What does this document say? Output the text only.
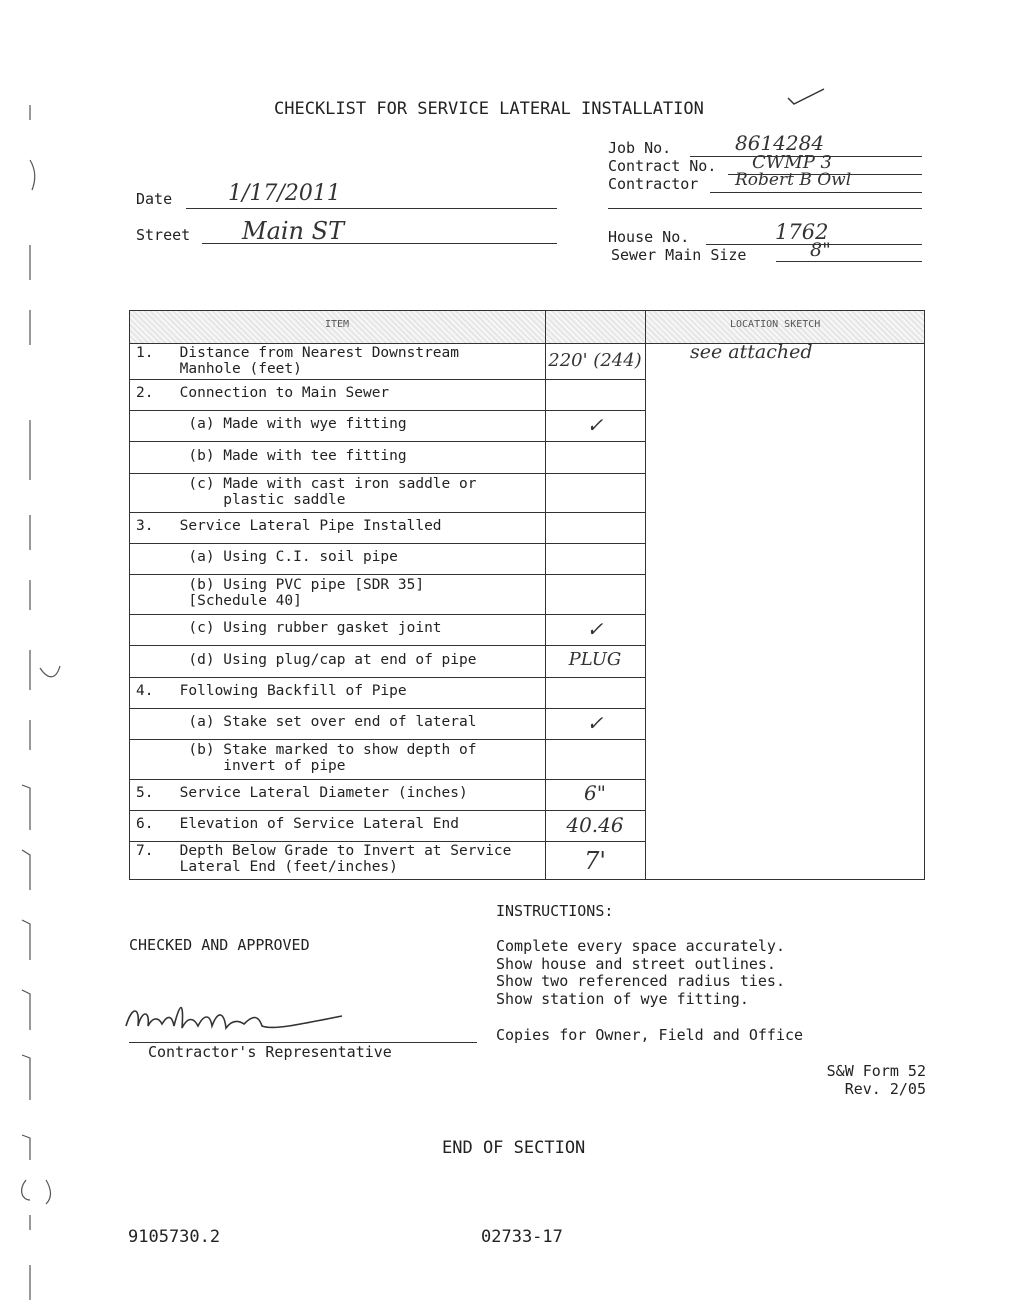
CHECKLIST FOR SERVICE LATERAL INSTALLATION
Job No.	8614284
Contract No. CWMP 3
Contractor Robert B Owl
Date	1/17/2011
Street Main ST	House No.	1762
Sewer Main Size	8"
ITEM	LOCATION SKETCH
see attached
1.   Distance from Nearest Downstream
Manhole (feet)	220' (244)
2.   Connection to Main Sewer
(a) Made with wye fitting	✓
(b) Made with tee fitting
(c) Made with cast iron saddle or
plastic saddle
3.   Service Lateral Pipe Installed
(a) Using C.I. soil pipe
(b) Using PVC pipe [SDR 35]
[Schedule 40]
(c) Using rubber gasket joint	✓
(d) Using plug/cap at end of pipe	PLUG
4.   Following Backfill of Pipe
(a) Stake set over end of lateral	✓
(b) Stake marked to show depth of
invert of pipe
5.   Service Lateral Diameter (inches)	6"
6.   Elevation of Service Lateral End	40.46
7.   Depth Below Grade to Invert at Service
Lateral End (feet/inches)	7'
INSTRUCTIONS:
Complete every space accurately.
Show house and street outlines.
Show two referenced radius ties.
Show station of wye fitting.
Copies for Owner, Field and Office
CHECKED AND APPROVED
Contractor's Representative
S&W Form 52
Rev. 2/05
END OF SECTION
9105730.2	02733-17
